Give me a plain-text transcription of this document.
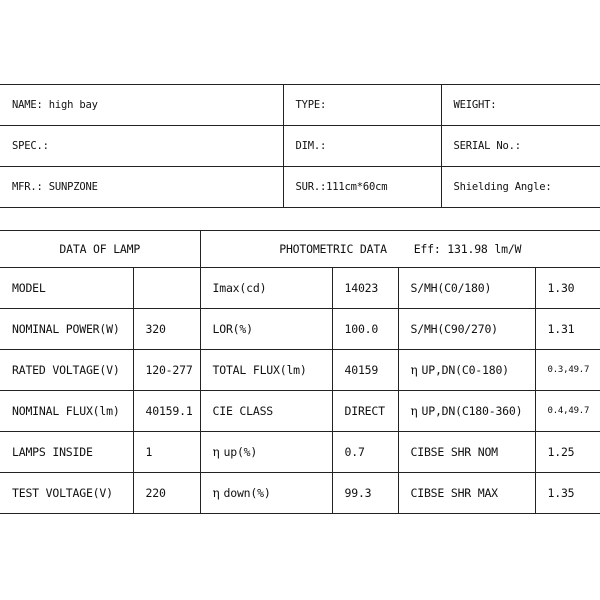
NAME: high bay	TYPE:	WEIGHT:
SPEC.:	DIM.:	SERIAL No.:
MFR.: SUNPZONE	SUR.:111cm*60cm	Shielding Angle:
DATA OF LAMP		PHOTOMETRIC DATA    Eff: 131.98 lm/W			
MODEL		Imax(cd)	14023	S/MH(C0/180)	1.30
NOMINAL POWER(W)	320	LOR(%)	100.0	S/MH(C90/270)	1.31
RATED VOLTAGE(V)	120-277	TOTAL FLUX(lm)	40159	η UP,DN(C0-180)	0.3,49.7
NOMINAL FLUX(lm)	40159.1	CIE CLASS	DIRECT	η UP,DN(C180-360)	0.4,49.7
LAMPS INSIDE	1	η up(%)	0.7	CIBSE SHR NOM	1.25
TEST VOLTAGE(V)	220	η down(%)	99.3	CIBSE SHR MAX	1.35
